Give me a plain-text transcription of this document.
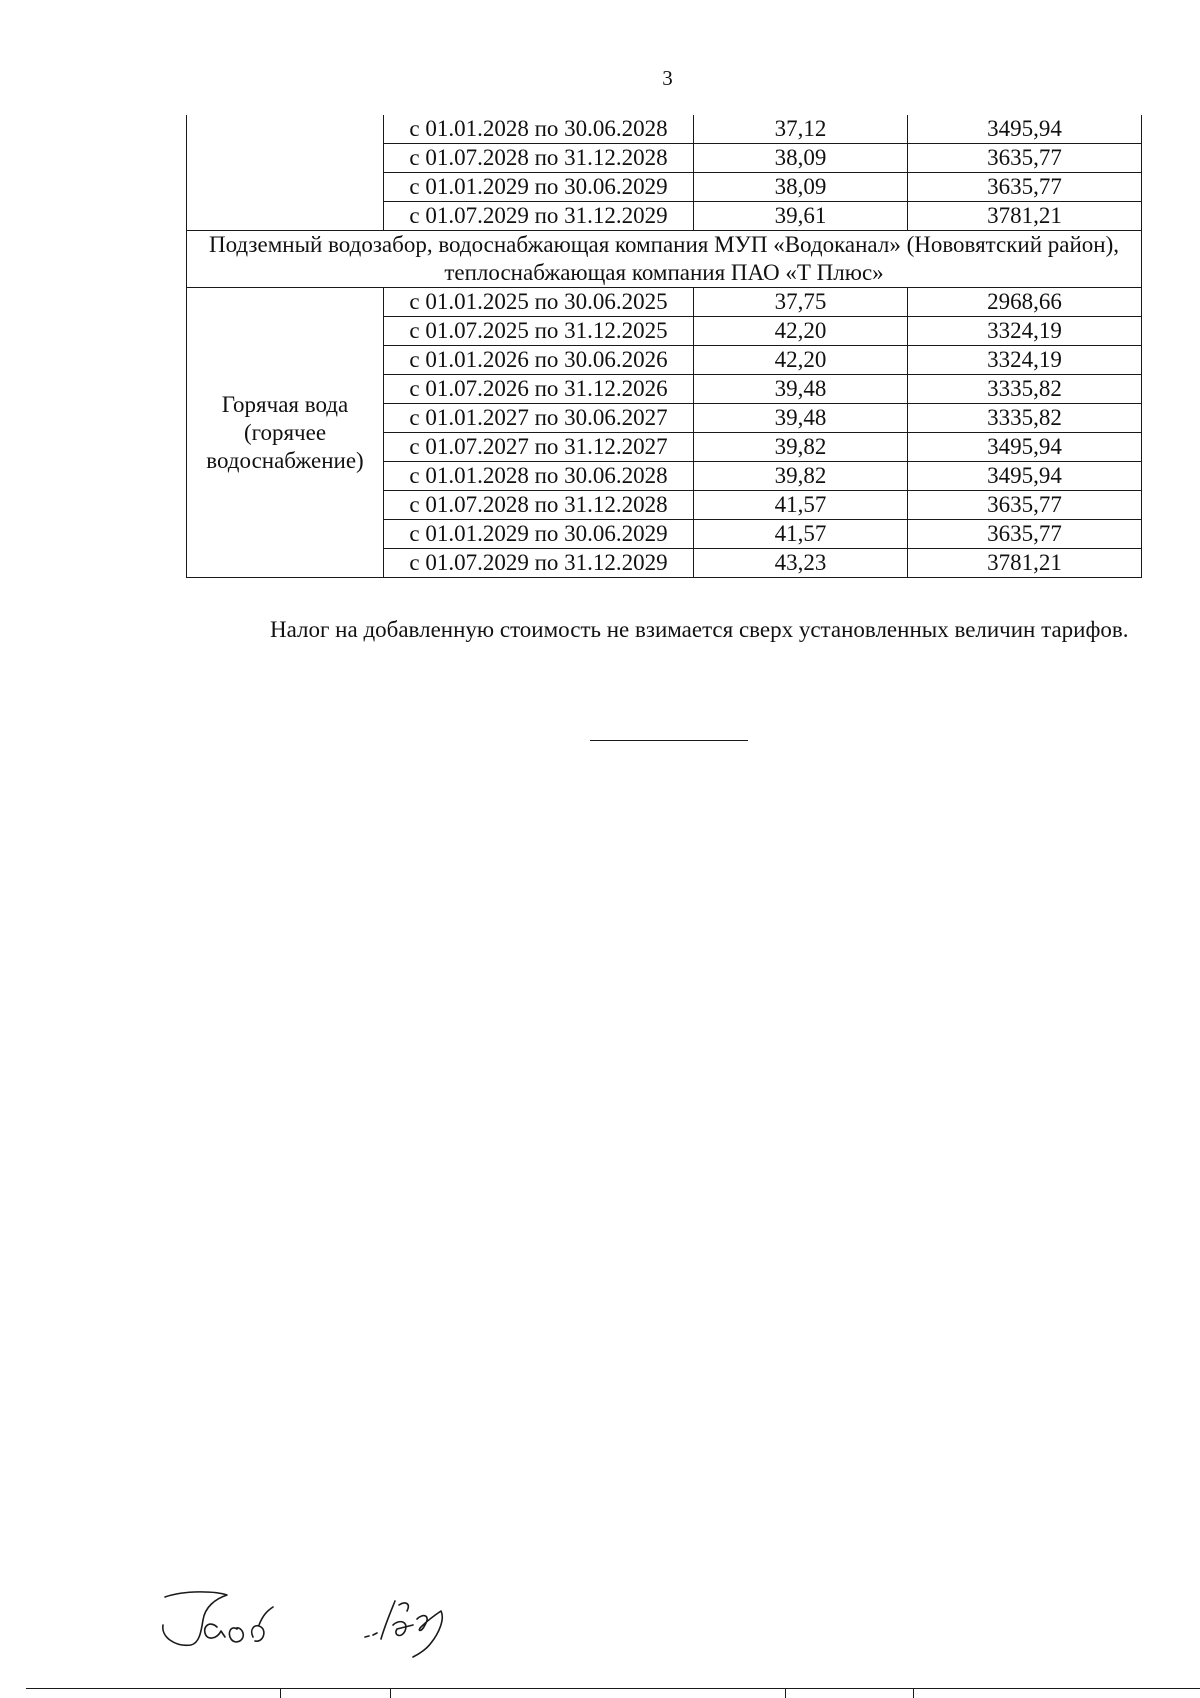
3
	с 01.01.2028 по 30.06.2028	37,12	3495,94
	с 01.07.2028 по 31.12.2028	38,09	3635,77
	с 01.01.2029 по 30.06.2029	38,09	3635,77
	с 01.07.2029 по 31.12.2029	39,61	3781,21
Подземный водозабор, водоснабжающая компания МУП «Водоканал» (Нововятский район), теплоснабжающая компания ПАО «Т Плюс»			
Горячая вода (горячее водоснабжение)	с 01.01.2025 по 30.06.2025	37,75	2968,66
	с 01.07.2025 по 31.12.2025	42,20	3324,19
	с 01.01.2026 по 30.06.2026	42,20	3324,19
	с 01.07.2026 по 31.12.2026	39,48	3335,82
	с 01.01.2027 по 30.06.2027	39,48	3335,82
	с 01.07.2027 по 31.12.2027	39,82	3495,94
	с 01.01.2028 по 30.06.2028	39,82	3495,94
	с 01.07.2028 по 31.12.2028	41,57	3635,77
	с 01.01.2029 по 30.06.2029	41,57	3635,77
	с 01.07.2029 по 31.12.2029	43,23	3781,21

Налог на добавленную стоимость не взимается сверх установленных величин тарифов.
